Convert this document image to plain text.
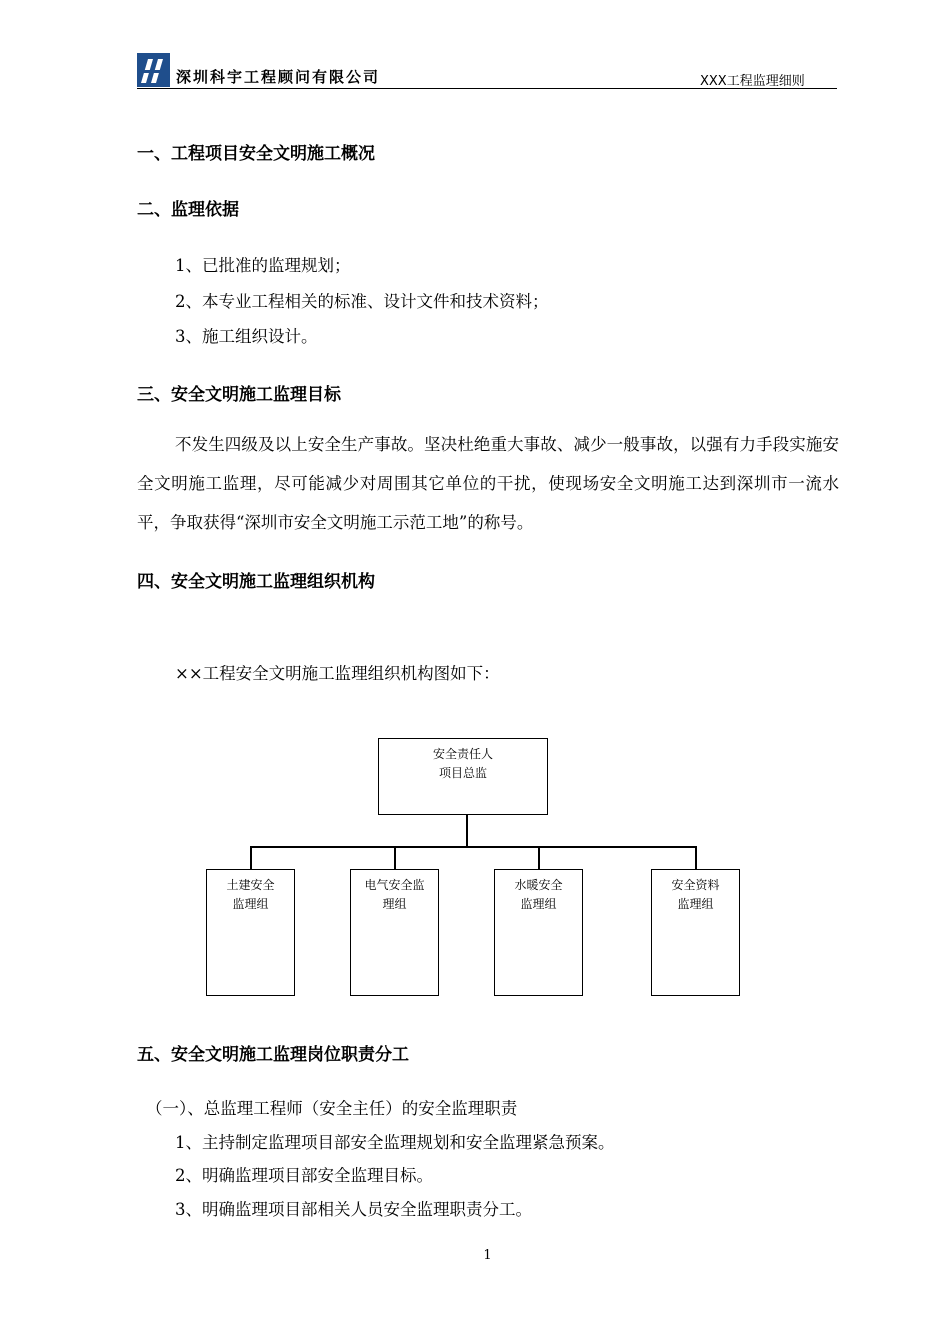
深圳科宇工程顾问有限公司	XXX工程监理细则
一、工程项目安全文明施工概况
二、监理依据
1、已批准的监理规划；
2、本专业工程相关的标准、设计文件和技术资料；
3、施工组织设计。
三、安全文明施工监理目标
不发生四级及以上安全生产事故。坚决杜绝重大事故、减少一般事故，以强有力手段实施安全文明施工监理，尽可能减少对周围其它单位的干扰，使现场安全文明施工达到深圳市一流水平，争取获得“深圳市安全文明施工示范工地”的称号。
四、安全文明施工监理组织机构
××工程安全文明施工监理组织机构图如下：
安全责任人
项目总监
土建安全
监理组
电气安全监
理组
水暖安全
监理组
安全资料
监理组
五、安全文明施工监理岗位职责分工
（一）、总监理工程师（安全主任）的安全监理职责
1、主持制定监理项目部安全监理规划和安全监理紧急预案。
2、明确监理项目部安全监理目标。
3、明确监理项目部相关人员安全监理职责分工。
1
